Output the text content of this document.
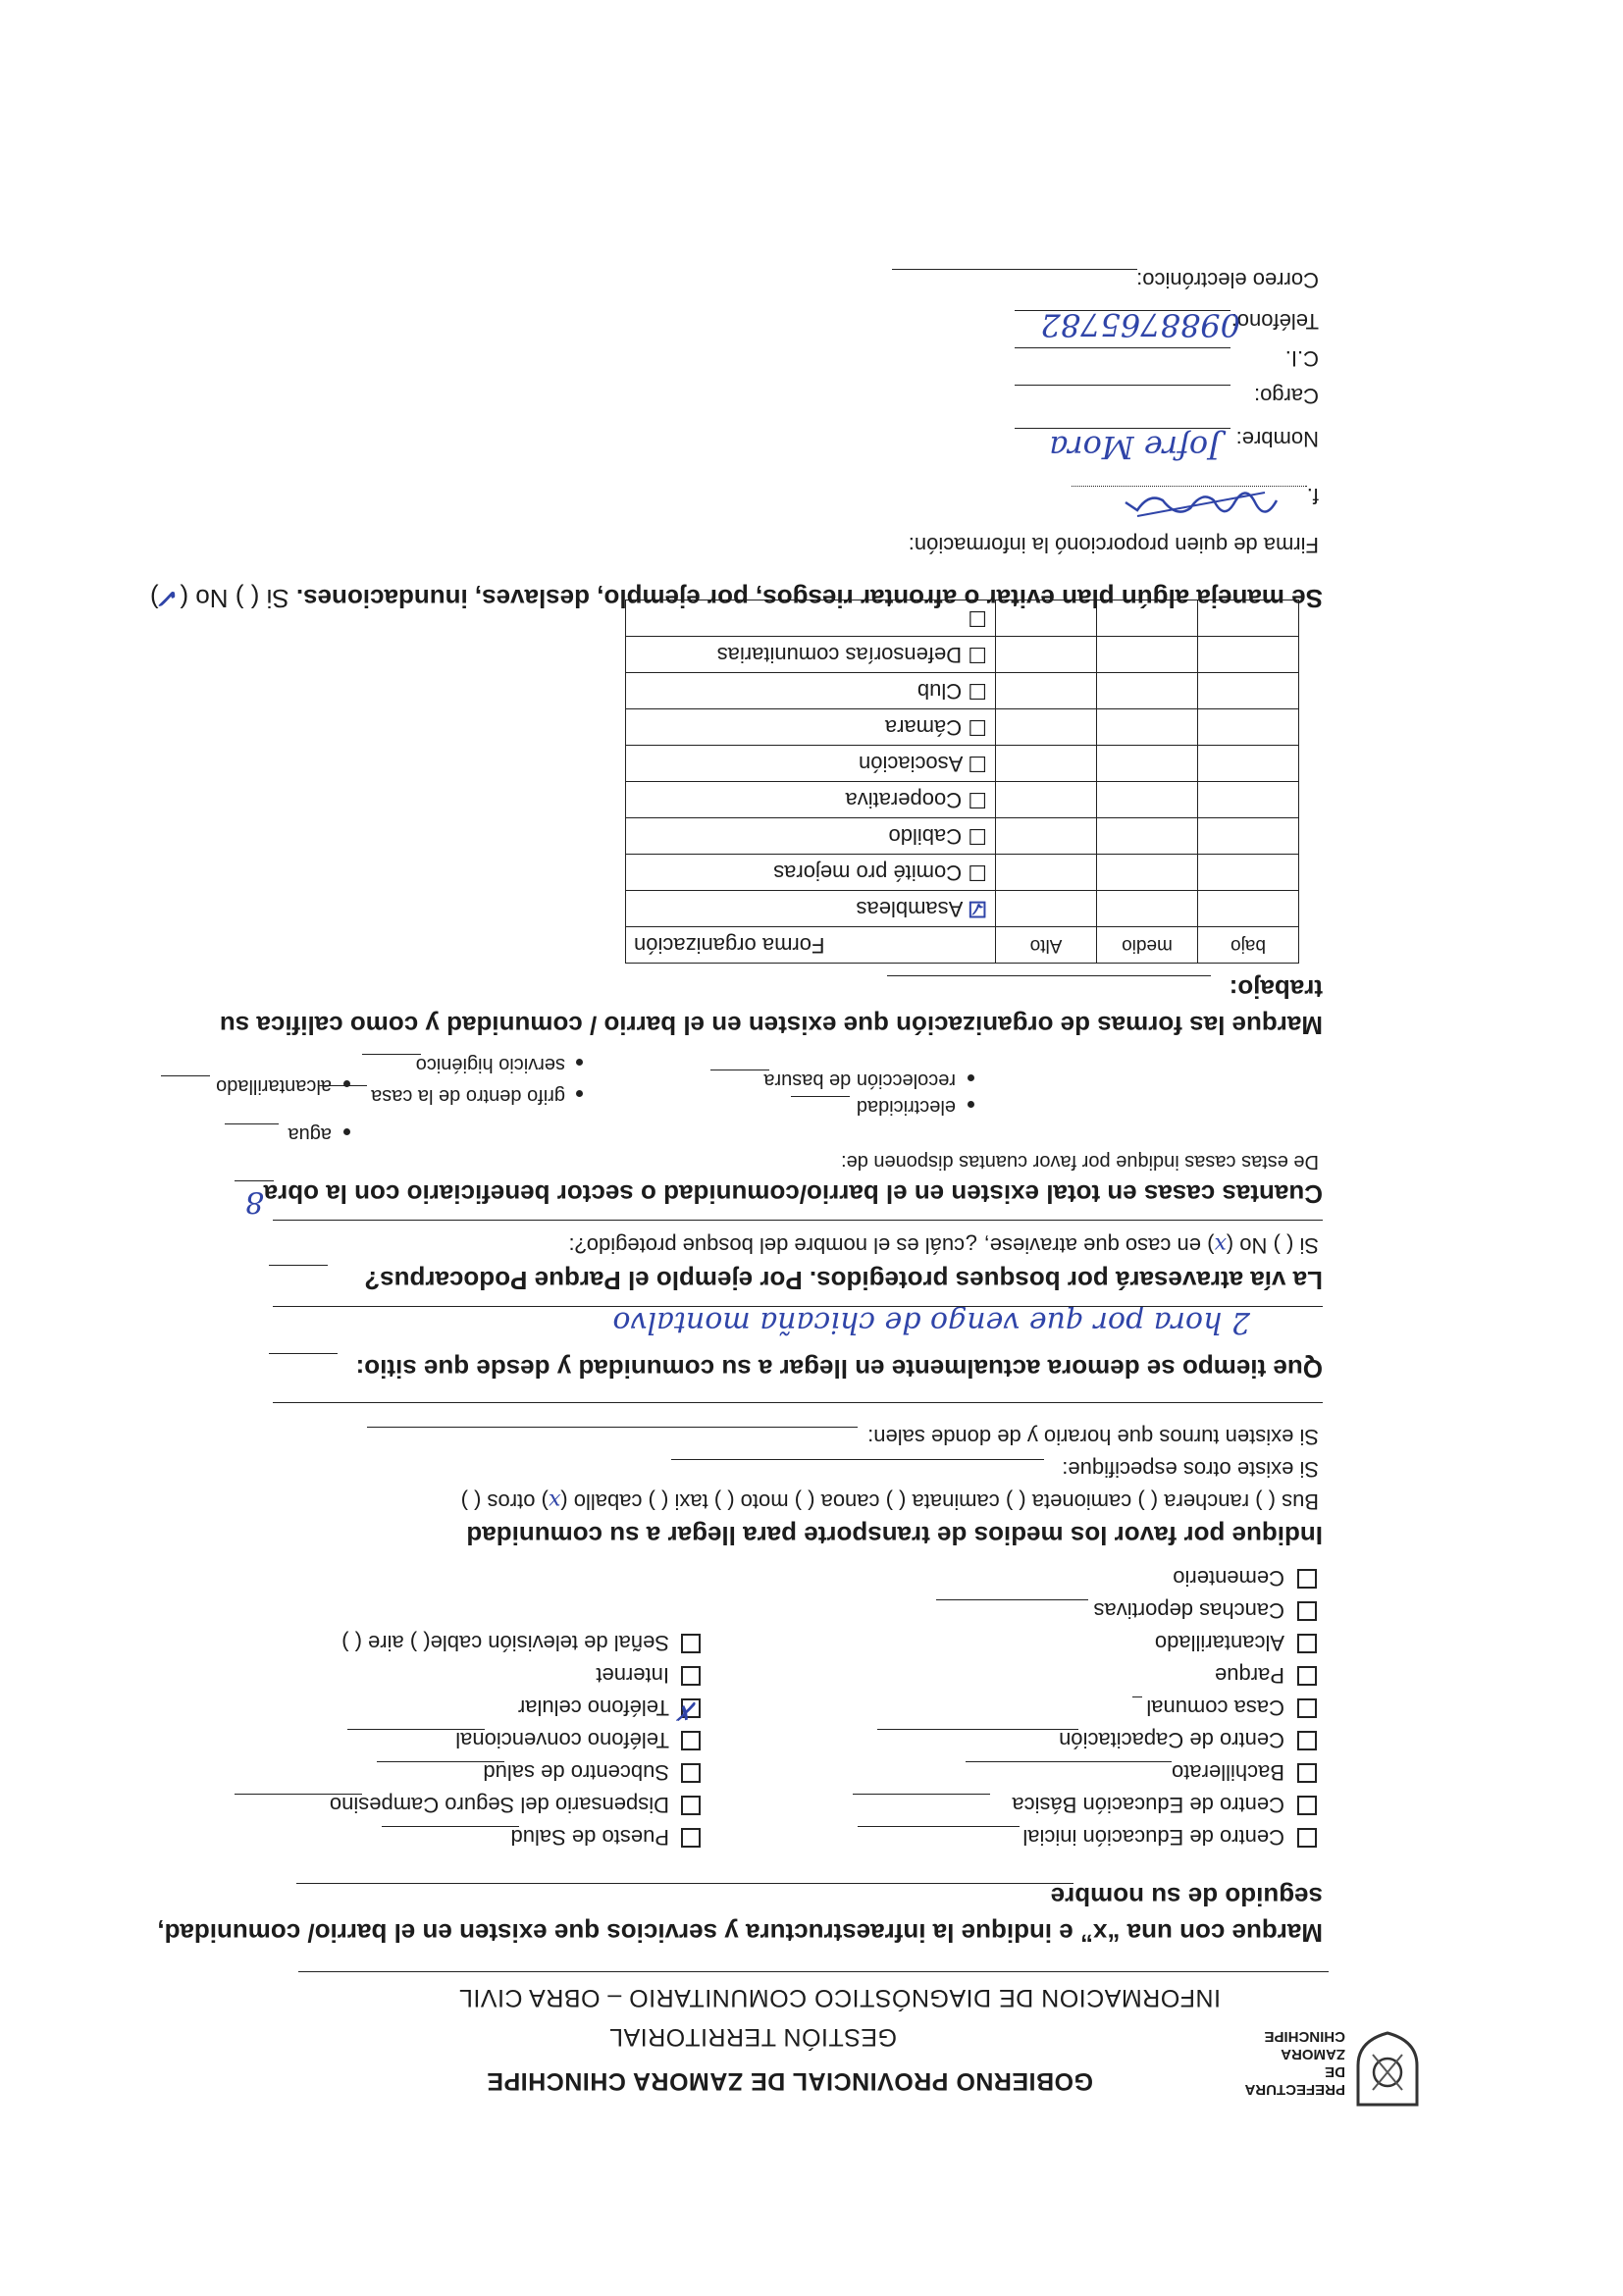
PREFECTURA DE ZAMORA CHINCHIPE
GOBIERNO PROVINCIAL DE ZAMORA CHINCHIPE
GESTIÓN TERRITORIAL
INFORMACION DE DIAGNÓSTICO COMUNITARIO – OBRA CIVIL
Marque con una “x” e indique la infraestructura y servicios que existen en el barrio/ comunidad,
seguido de su nombre
Centro de Educación inicial
Centro de Educación Básica
Bachillerato
Centro de Capacitación
Casa comunal
Parque
Alcantarillado
Canchas deportivas
Cementerio
Puesto de Salud
Dispensario del Seguro Campesino
Subcentro de salud
Teléfono convencional
✗
Teléfono celular
Internet
Señal de televisión cable( ) aire ( )
Indique por favor los medios de transporte para llegar a su comunidad
Bus ( ) ranchera ( ) camioneta ( ) caminata ( ) canoa ( ) moto ( ) taxi ( ) caballo (x) otros ( )
Si existe otros especifique:
Si existen turnos que horario y de donde salen:
Que tiempo se demora actualmente en llegar a su comunidad y desde que sitio:
2 hora por que vengo de chicaña montalvo
La vía atravesará por bosques protegidos. Por ejemplo el Parque Podocarpus?
Si ( ) No (x) en caso que atraviese, ¿cuál es el nombre del bosque protegido?:
Cuantas casas en total existen en el barrio/comunidad o sector beneficiario con la obra
8
De estas casas indique por favor cuantas disponen de:
agua
electricidad
grifo dentro de la casa
alcantarillado	recolección de basura
servicio higiénico
Marque las formas de organización que existen en el barrio / comunidad y como califica su
trabajo:
bajo	medio	Alto	Forma organización
			☑ Asambleas
			☐ Comité pro mejoras
			☐ Cabildo
			☐ Cooperativa
			☐ Asociación
			☐ Cámara
			☐ Club
			☐ Defensorías comunitarias
			☐
Se maneja algún plan evitar o afrontar riesgos, por ejemplo, deslaves, inundaciones. Si ( ) No (✓)
Firma de quien proporcionó la información:
f.
Nombre:
Jofre Mora
Cargo:
C.I.
Teléfono:
0988765782
Correo electrónico:
